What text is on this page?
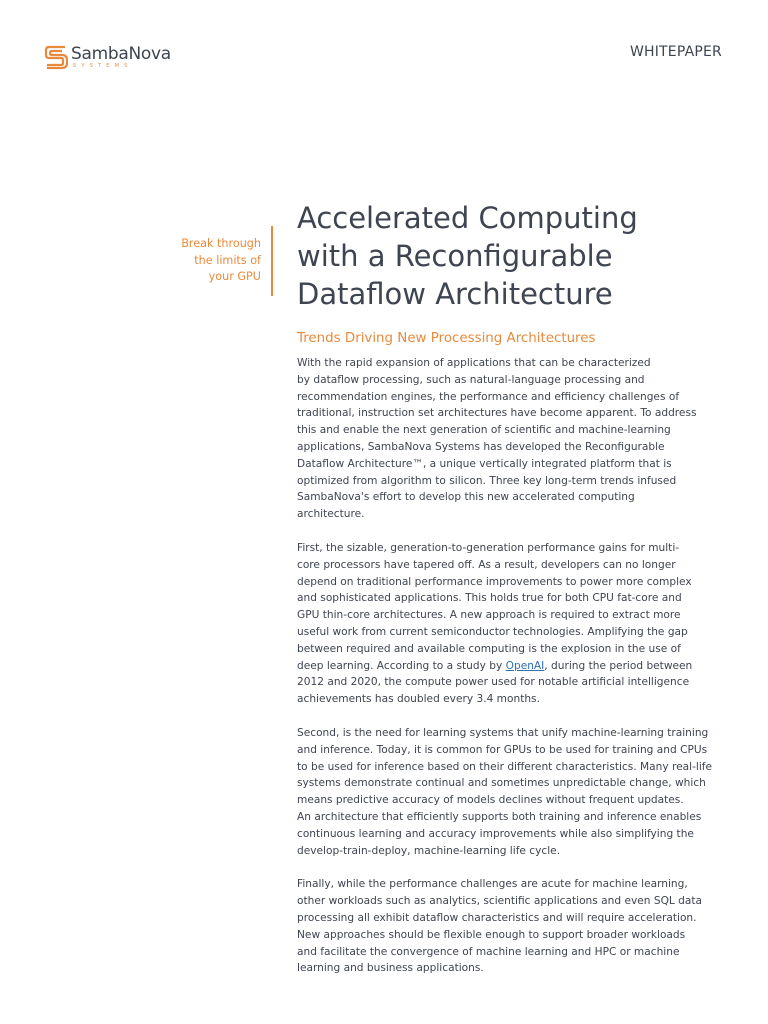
SambaNova
SYSTEMS
WHITEPAPER
Break through
the limits of
your GPU
Accelerated Computing
with a Reconfigurable
Dataflow Architecture
Trends Driving New Processing Architectures

With the rapid expansion of applications that can be characterized
by dataflow processing, such as natural-language processing and
recommendation engines, the performance and efficiency challenges of
traditional, instruction set architectures have become apparent. To address
this and enable the next generation of scientific and machine-learning
applications, SambaNova Systems has developed the Reconfigurable
Dataflow Architecture™, a unique vertically integrated platform that is
optimized from algorithm to silicon. Three key long-term trends infused
SambaNova's effort to develop this new accelerated computing
architecture.

First, the sizable, generation-to-generation performance gains for multi-
core processors have tapered off. As a result, developers can no longer
depend on traditional performance improvements to power more complex
and sophisticated applications. This holds true for both CPU fat-core and
GPU thin-core architectures. A new approach is required to extract more
useful work from current semiconductor technologies. Amplifying the gap
between required and available computing is the explosion in the use of
deep learning. According to a study by OpenAI, during the period between
2012 and 2020, the compute power used for notable artificial intelligence
achievements has doubled every 3.4 months.

Second, is the need for learning systems that unify machine-learning training
and inference. Today, it is common for GPUs to be used for training and CPUs
to be used for inference based on their different characteristics. Many real-life
systems demonstrate continual and sometimes unpredictable change, which
means predictive accuracy of models declines without frequent updates.
An architecture that efficiently supports both training and inference enables
continuous learning and accuracy improvements while also simplifying the
develop-train-deploy, machine-learning life cycle.

Finally, while the performance challenges are acute for machine learning,
other workloads such as analytics, scientific applications and even SQL data
processing all exhibit dataflow characteristics and will require acceleration.
New approaches should be flexible enough to support broader workloads
and facilitate the convergence of machine learning and HPC or machine
learning and business applications.
